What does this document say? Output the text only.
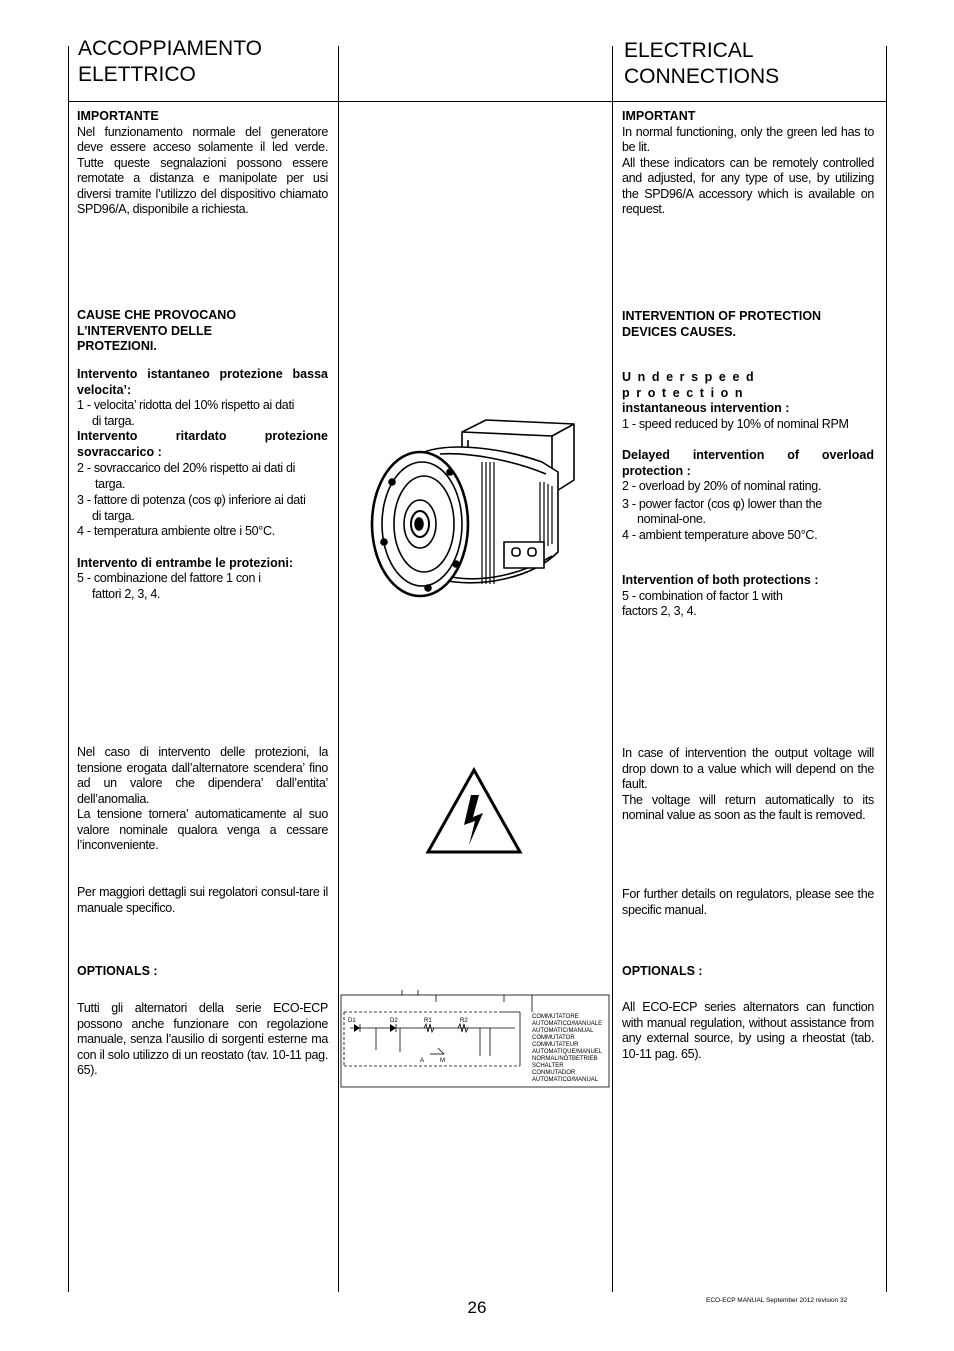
ACCOPPIAMENTO
ELETTRICO
ELECTRICAL
CONNECTIONS

IMPORTANTE

Nel funzionamento normale del generatore deve essere acceso solamente il led verde. Tutte queste segnalazioni possono essere remotate a distanza e manipolate per usi diversi tramite l’utilizzo del dispositivo chiamato SPD96/A, disponibile a richiesta.

CAUSE CHE PROVOCANO

L’INTERVENTO DELLE

PROTEZIONI.

Intervento istantaneo protezione bassa velocita’:

1 - velocita’ ridotta del 10% rispetto ai dati

di targa.

Intervento ritardato protezione sovraccarico :

2 - sovraccarico del 20% rispetto ai dati di

targa.

3 - fattore di potenza (cos φ) inferiore ai dati

di targa.

4 - temperatura ambiente oltre i 50°C.

Intervento di entrambe le protezioni:

5 - combinazione del fattore 1 con i

fattori 2, 3, 4.

Nel caso di intervento delle protezioni, la tensione erogata dall’alternatore scendera’ fino ad un valore che dipendera’ dall’entita’ dell’anomalia.

La tensione tornera’ automaticamente al suo valore nominale qualora venga a cessare l’inconveniente.

Per maggiori dettagli sui regolatori consul-tare il manuale specifico.

OPTIONALS :

Tutti gli alternatori della serie ECO-ECP possono anche funzionare con regolazione manuale, senza l’ausilio di sorgenti esterne ma con il solo utilizzo di un reostato (tav. 10-11 pag. 65).

IMPORTANT

In normal functioning, only the green led has to be lit.

All these indicators can be remotely controlled and adjusted, for any type of use, by utilizing the SPD96/A accessory which is available on request.

INTERVENTION OF PROTECTION

DEVICES CAUSES.

Underspeed protection

instantaneous intervention :

1 - speed reduced by 10% of nominal RPM

Delayed intervention of overload protection :

2 - overload by 20% of nominal rating.

3 - power factor (cos φ) lower than the

nominal-one.

4 - ambient temperature above 50°C.

Intervention of both protections :

5 - combination of factor 1 with

factors 2, 3, 4.

In case of intervention the output voltage will drop down to a value which will depend on the fault.

The voltage will return automatically to its nominal value as soon as the fault is removed.

For further details on regulators, please see the specific manual.

OPTIONALS :

All ECO-ECP series alternators can function with manual regulation, without assistance from any external source, by using a rheostat (tab. 10-11 pag. 65).

D1	D2	R1	R2
A	M
COMMUTATORE
AUTOMATICO/MANUALE
AUTOMATIC/MANUAL
COMMUTATOR
COMMUTATEUR
AUTOMATIQUE/MANUEL
NORMAL/NOTBETRIEB
SCHALTER
CONMUTADOR
AUTOMATICO/MANUAL
26	ECO-ECP MANUAL September 2012 revision 32
